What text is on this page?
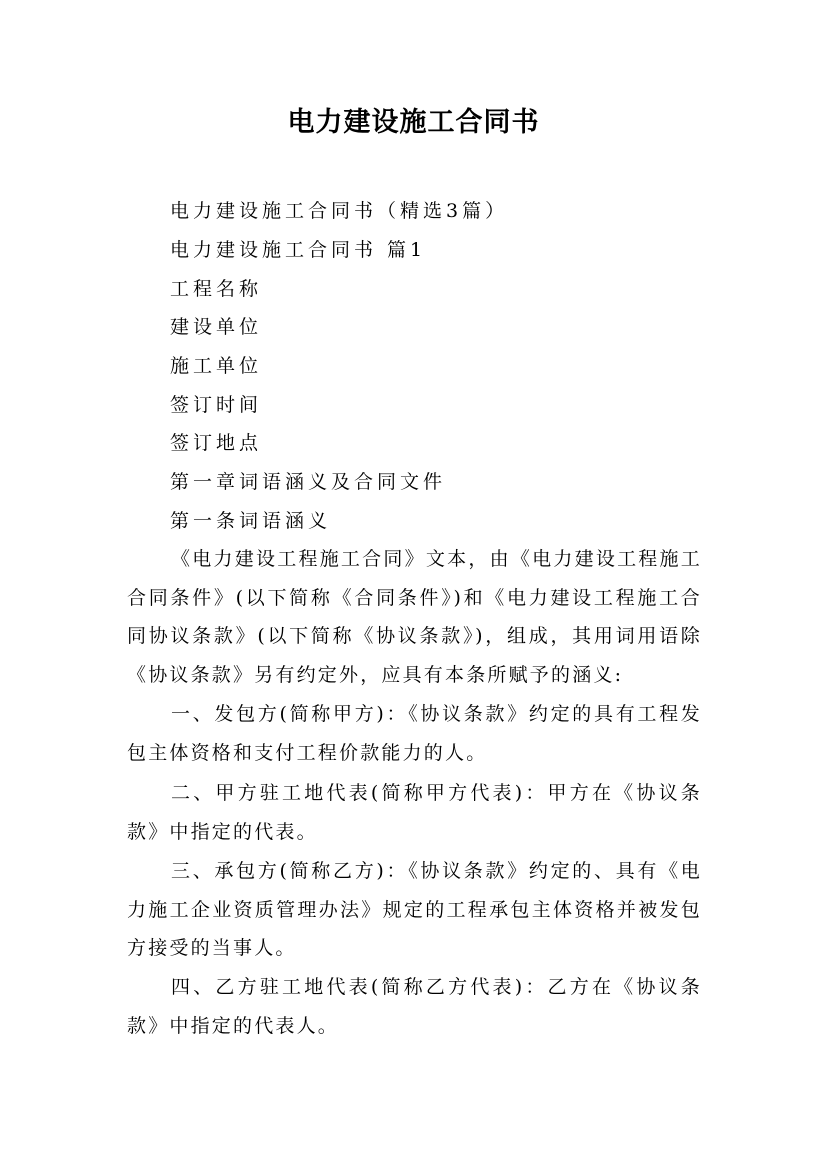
电力建设施工合同书
电力建设施工合同书（精选3篇）
电力建设施工合同书 篇1
工程名称
建设单位
施工单位
签订时间
签订地点
第一章词语涵义及合同文件
第一条词语涵义

《电力建设工程施工合同》文本，由《电力建设工程施工合同条件》(以下简称《合同条件》)和《电力建设工程施工合同协议条款》(以下简称《协议条款》)，组成，其用词用语除《协议条款》另有约定外，应具有本条所赋予的涵义:

一、发包方(简称甲方)：《协议条款》约定的具有工程发包主体资格和支付工程价款能力的人。

二、甲方驻工地代表(简称甲方代表)：甲方在《协议条款》中指定的代表。

三、承包方(简称乙方)：《协议条款》约定的、具有《电力施工企业资质管理办法》规定的工程承包主体资格并被发包方接受的当事人。

四、乙方驻工地代表(简称乙方代表)：乙方在《协议条款》中指定的代表人。
